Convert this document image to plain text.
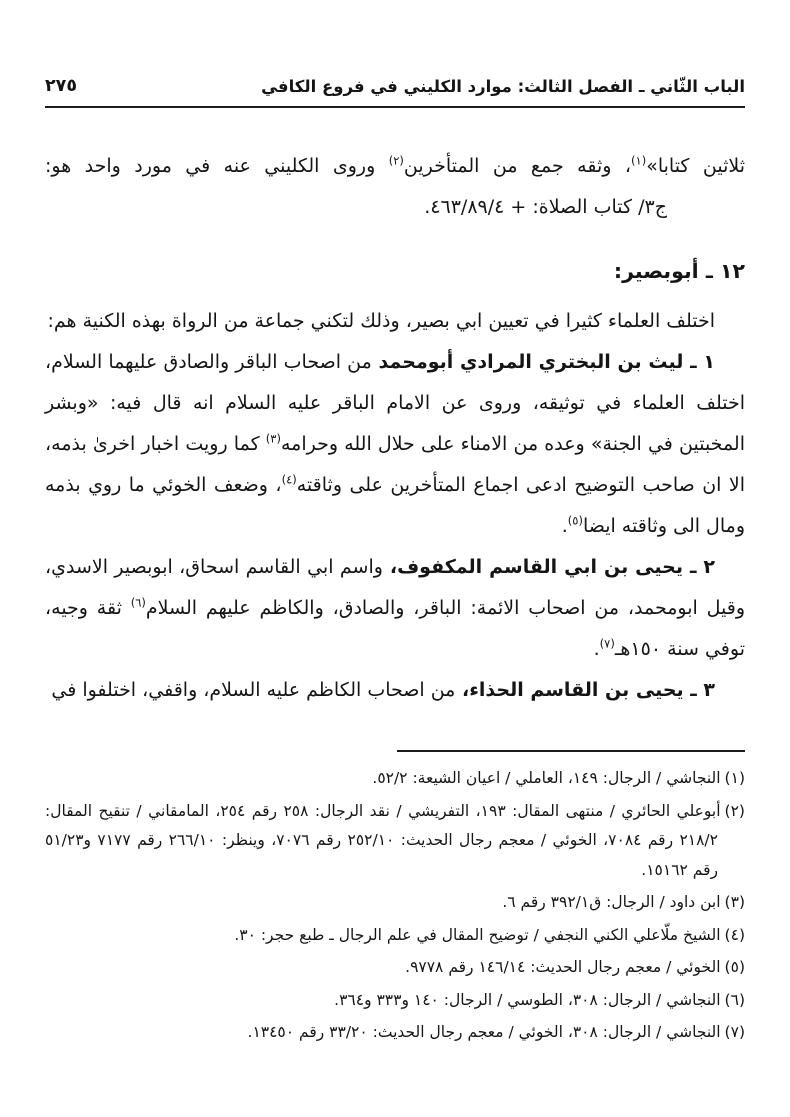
الباب الثّاني ـ الفصل الثالث: موارد الكليني في فروع الكافي
٢٧٥

ثلاثين كتابا»$^{(١)}$، وثقه جمع من المتأخرين$^{(٢)}$ وروى الكليني عنه في مورد واحد هو:

ج٣/ كتاب الصلاة: + ٤٦٣/٨٩/٤.

١٢ ـ أبوبصير:

اختلف العلماء كثيرا في تعيين ابي بصير، وذلك لتكني جماعة من الرواة بهذه الكنية هم:

١ ـ ليث بن البختري المرادي أبومحمد من اصحاب الباقر والصادق عليهما السلام، اختلف العلماء في توثيقه، وروى عن الامام الباقر عليه السلام انه قال فيه: «وبشر المخبتين في الجنة» وعده من الامناء على حلال الله وحرامه$^{(٣)}$ كما رويت اخبار اخرىٰ بذمه، الا ان صاحب التوضيح ادعى اجماع المتأخرين على وثاقته$^{(٤)}$، وضعف الخوئي ما روي بذمه ومال الى وثاقته ايضا$^{(٥)}$.

٢ ـ يحيى بن ابي القاسم المكفوف، واسم ابي القاسم اسحاق، ابوبصير الاسدي، وقيل ابومحمد، من اصحاب الائمة: الباقر، والصادق، والكاظم عليهم السلام$^{(٦)}$ ثقة وجيه، توفي سنة ١٥٠هـ$^{(٧)}$.

٣ ـ يحيى بن القاسم الحذاء، من اصحاب الكاظم عليه السلام، واقفي، اختلفوا في

(١)النجاشي / الرجال: ١٤٩، العاملي / اعيان الشيعة: ٥٢/٢.

(٢)أبوعلي الحائري / منتهى المقال: ١٩٣، التفريشي / نقد الرجال: ٢٥٨ رقم ٢٥٤، المامقاني / تنقيح المقال: ٢١٨/٢ رقم ٧٠٨٤، الخوئي / معجم رجال الحديث: ٢٥٢/١٠ رقم ٧٠٧٦، وينظر: ٢٦٦/١٠ رقم ٧١٧٧ و٥١/٢٣ رقم ١٥١٦٢.

(٣)ابن داود / الرجال: ق٣٩٢/١ رقم ٦.

(٤)الشيخ ملّاعلي الكني النجفي / توضيح المقال في علم الرجال ـ طبع حجر: ٣٠.

(٥)الخوئي / معجم رجال الحديث: ١٤٦/١٤ رقم ٩٧٧٨.

(٦)النجاشي / الرجال: ٣٠٨، الطوسي / الرجال: ١٤٠ و٣٣٣ و٣٦٤.

(٧)النجاشي / الرجال: ٣٠٨، الخوئي / معجم رجال الحديث: ٣٣/٢٠ رقم ١٣٤٥٠.
